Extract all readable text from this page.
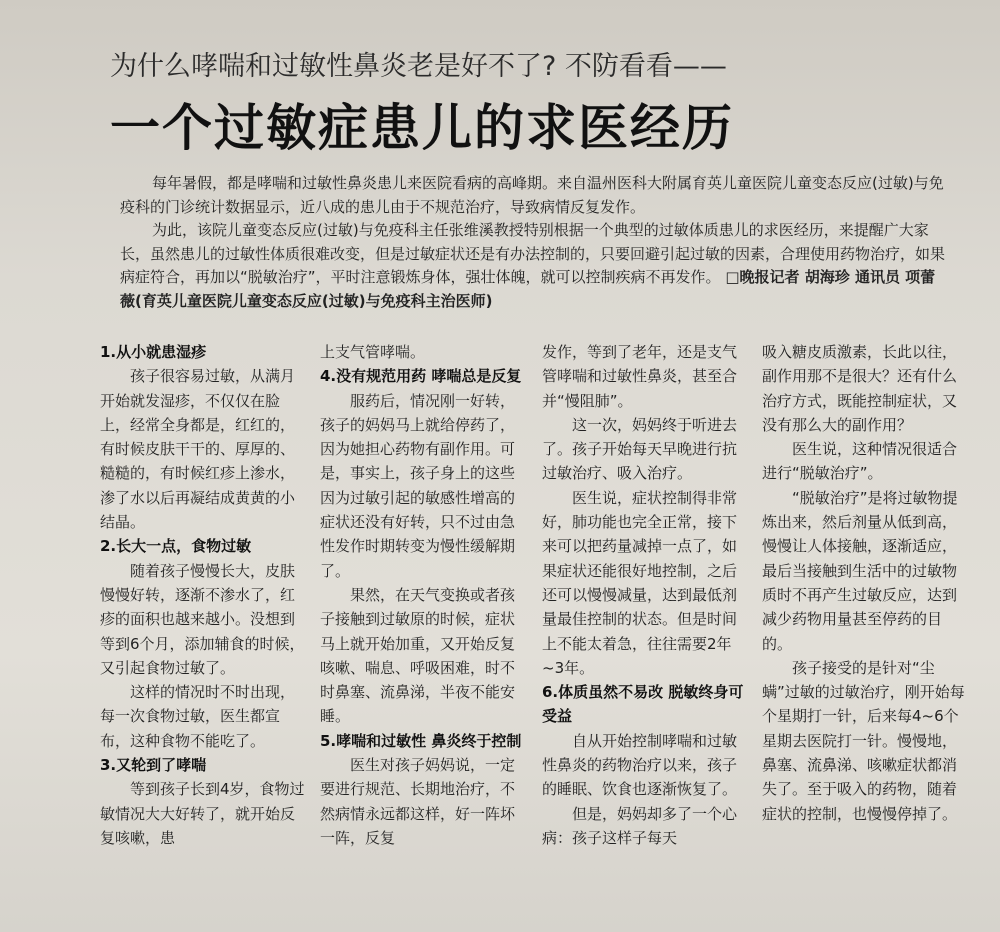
为什么哮喘和过敏性鼻炎老是好不了? 不防看看——
一个过敏症患儿的求医经历

每年暑假，都是哮喘和过敏性鼻炎患儿来医院看病的高峰期。来自温州医科大附属育英儿童医院儿童变态反应(过敏)与免疫科的门诊统计数据显示，近八成的患儿由于不规范治疗，导致病情反复发作。

为此，该院儿童变态反应(过敏)与免疫科主任张维溪教授特别根据一个典型的过敏体质患儿的求医经历，来提醒广大家长，虽然患儿的过敏性体质很难改变，但是过敏症状还是有办法控制的，只要回避引起过敏的因素，合理使用药物治疗，如果病症符合，再加以“脱敏治疗”，平时注意锻炼身体，强壮体魄，就可以控制疾病不再发作。 □晚报记者 胡海珍 通讯员 项蕾薇(育英儿童医院儿童变态反应(过敏)与免疫科主治医师)

1.从小就患湿疹

孩子很容易过敏，从满月开始就发湿疹，不仅仅在脸上，经常全身都是，红红的，有时候皮肤干干的、厚厚的、糙糙的，有时候红疹上渗水，渗了水以后再凝结成黄黄的小结晶。

2.长大一点，食物过敏

随着孩子慢慢长大，皮肤慢慢好转，逐渐不渗水了，红疹的面积也越来越小。没想到等到6个月，添加辅食的时候，又引起食物过敏了。

这样的情况时不时出现，每一次食物过敏，医生都宣布，这种食物不能吃了。

3.又轮到了哮喘

等到孩子长到4岁，食物过敏情况大大好转了，就开始反复咳嗽，患

上支气管哮喘。

4.没有规范用药 哮喘总是反复

服药后，情况刚一好转，孩子的妈妈马上就给停药了，因为她担心药物有副作用。可是，事实上，孩子身上的这些因为过敏引起的敏感性增高的症状还没有好转，只不过由急性发作时期转变为慢性缓解期了。

果然，在天气变换或者孩子接触到过敏原的时候，症状马上就开始加重，又开始反复咳嗽、喘息、呼吸困难，时不时鼻塞、流鼻涕，半夜不能安睡。

5.哮喘和过敏性 鼻炎终于控制

医生对孩子妈妈说，一定要进行规范、长期地治疗，不然病情永远都这样，好一阵坏一阵，反复

发作，等到了老年，还是支气管哮喘和过敏性鼻炎，甚至合并“慢阻肺”。

这一次，妈妈终于听进去了。孩子开始每天早晚进行抗过敏治疗、吸入治疗。

医生说，症状控制得非常好，肺功能也完全正常，接下来可以把药量减掉一点了，如果症状还能很好地控制，之后还可以慢慢减量，达到最低剂量最佳控制的状态。但是时间上不能太着急，往往需要2年~3年。

6.体质虽然不易改 脱敏终身可受益

自从开始控制哮喘和过敏性鼻炎的药物治疗以来，孩子的睡眠、饮食也逐渐恢复了。

但是，妈妈却多了一个心病：孩子这样子每天

吸入糖皮质激素，长此以往，副作用那不是很大？还有什么治疗方式，既能控制症状，又没有那么大的副作用？

医生说，这种情况很适合进行“脱敏治疗”。

“脱敏治疗”是将过敏物提炼出来，然后剂量从低到高，慢慢让人体接触，逐渐适应，最后当接触到生活中的过敏物质时不再产生过敏反应，达到减少药物用量甚至停药的目的。

孩子接受的是针对“尘螨”过敏的过敏治疗，刚开始每个星期打一针，后来每4~6个星期去医院打一针。慢慢地，鼻塞、流鼻涕、咳嗽症状都消失了。至于吸入的药物，随着症状的控制，也慢慢停掉了。
